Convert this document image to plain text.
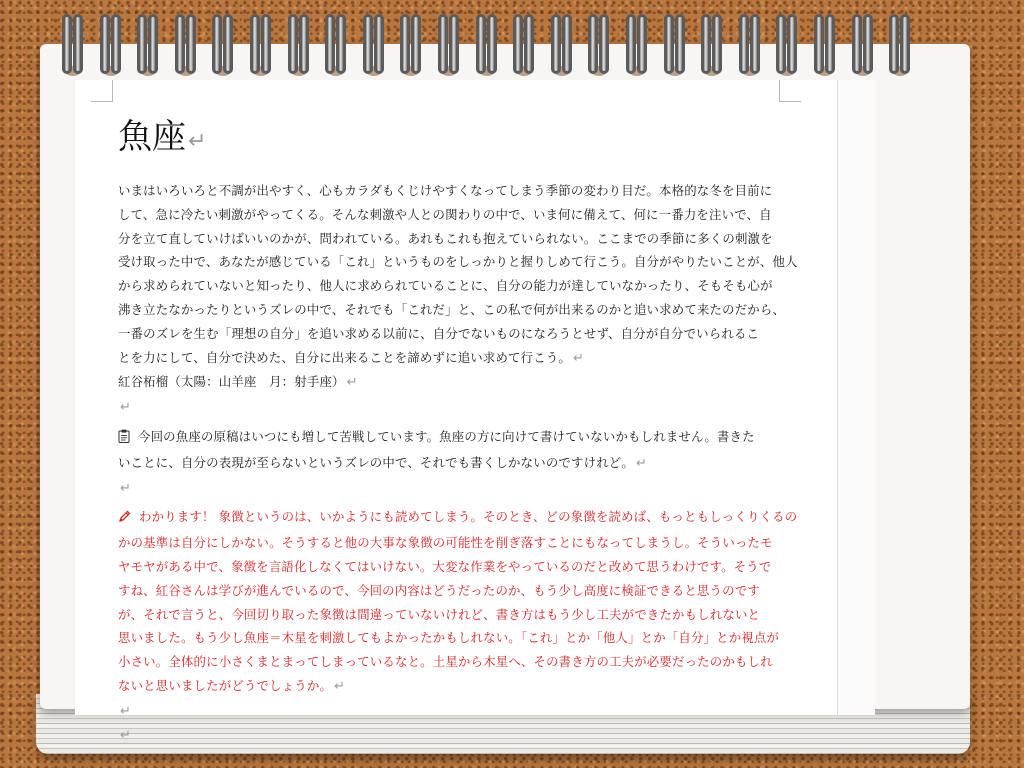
魚座↵
いまはいろいろと不調が出やすく、心もカラダもくじけやすくなってしまう季節の変わり目だ。本格的な冬を目前に
して、急に冷たい刺激がやってくる。そんな刺激や人との関わりの中で、いま何に備えて、何に一番力を注いで、自
分を立て直していけばいいのかが、問われている。あれもこれも抱えていられない。ここまでの季節に多くの刺激を
受け取った中で、あなたが感じている「これ」というものをしっかりと握りしめて行こう。自分がやりたいことが、他人
から求められていないと知ったり、他人に求められていることに、自分の能力が達していなかったり、そもそも心が
沸き立たなかったりというズレの中で、それでも「これだ」と、この私で何が出来るのかと追い求めて来たのだから、
一番のズレを生む「理想の自分」を追い求める以前に、自分でないものになろうとせず、自分が自分でいられるこ
とを力にして、自分で決めた、自分に出来ることを諦めずに追い求めて行こう。 ↵
紅谷柘榴（太陽：山羊座　月：射手座） ↵
↵
今回の魚座の原稿はいつにも増して苦戦しています。魚座の方に向けて書けていないかもしれません。書きた
いことに、自分の表現が至らないというズレの中で、それでも書くしかないのですけれど。 ↵
↵
わかります！ 象徴というのは、いかようにも読めてしまう。そのとき、どの象徴を読めば、もっともしっくりくるの
かの基準は自分にしかない。そうすると他の大事な象徴の可能性を削ぎ落すことにもなってしまうし。そういったモ
ヤモヤがある中で、象徴を言語化しなくてはいけない。大変な作業をやっているのだと改めて思うわけです。そうで
すね、紅谷さんは学びが進んでいるので、今回の内容はどうだったのか、もう少し高度に検証できると思うのです
が、それで言うと、今回切り取った象徴は間違っていないけれど、書き方はもう少し工夫ができたかもしれないと
思いました。もう少し魚座＝木星を刺激してもよかったかもしれない。「これ」とか「他人」とか「自分」とか視点が
小さい。全体的に小さくまとまってしまっているなと。土星から木星へ、その書き方の工夫が必要だったのかもしれ
ないと思いましたがどうでしょうか。 ↵
↵
↵
